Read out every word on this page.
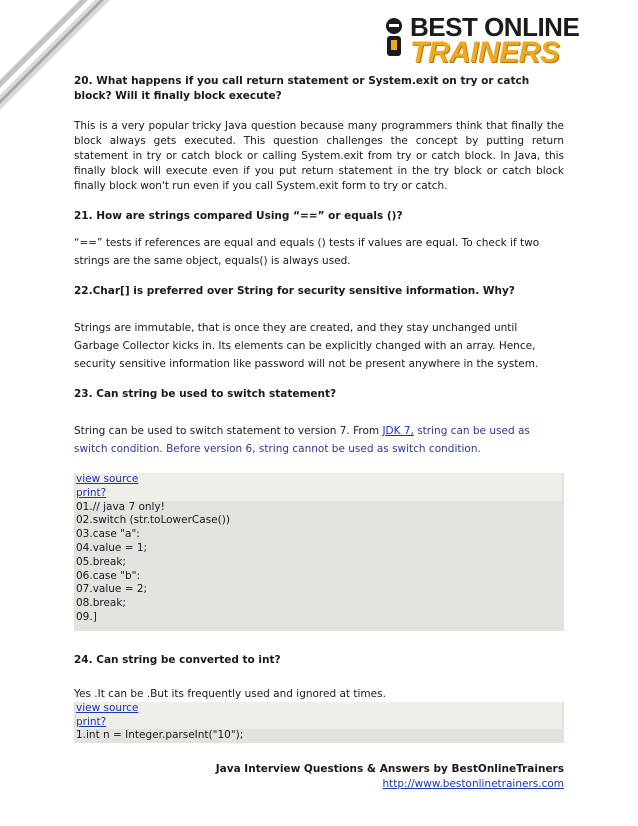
BEST ONLINE
TRAINERS

20. What happens if you call return statement or System.exit on try or catch block? Will it finally block execute?

This is a very popular tricky Java question because many programmers think that finally the block always gets executed. This question challenges the concept by putting return statement in try or catch block or calling System.exit from try or catch block. In Java, this finally block will execute even if you put return statement in the try block or catch block finally block won't run even if you call System.exit form to try or catch.

21. How are strings compared Using “==” or equals ()?

“==” tests if references are equal and equals () tests if values are equal. To check if two strings are the same object, equals() is always used.

22.Char[] is preferred over String for security sensitive information. Why?

Strings are immutable, that is once they are created, and they stay unchanged until Garbage Collector kicks in. Its elements can be explicitly changed with an array. Hence, security sensitive information like password will not be present anywhere in the system.

23. Can string be used to switch statement?

String can be used to switch statement to version 7. From JDK 7, string can be used as switch condition. Before version 6, string cannot be used as switch condition.

view source
print?
01.// java 7 only!
02.switch (str.toLowerCase())
03.case "a":
04.value = 1;
05.break;
06.case "b":
07.value = 2;
08.break;
09.]

24. Can string be converted to int?

Yes .It can be .But its frequently used and ignored at times.

view source
print?
1.int n = Integer.parseInt("10");
Java Interview Questions & Answers by BestOnlineTrainers
http://www.bestonlinetrainers.com
